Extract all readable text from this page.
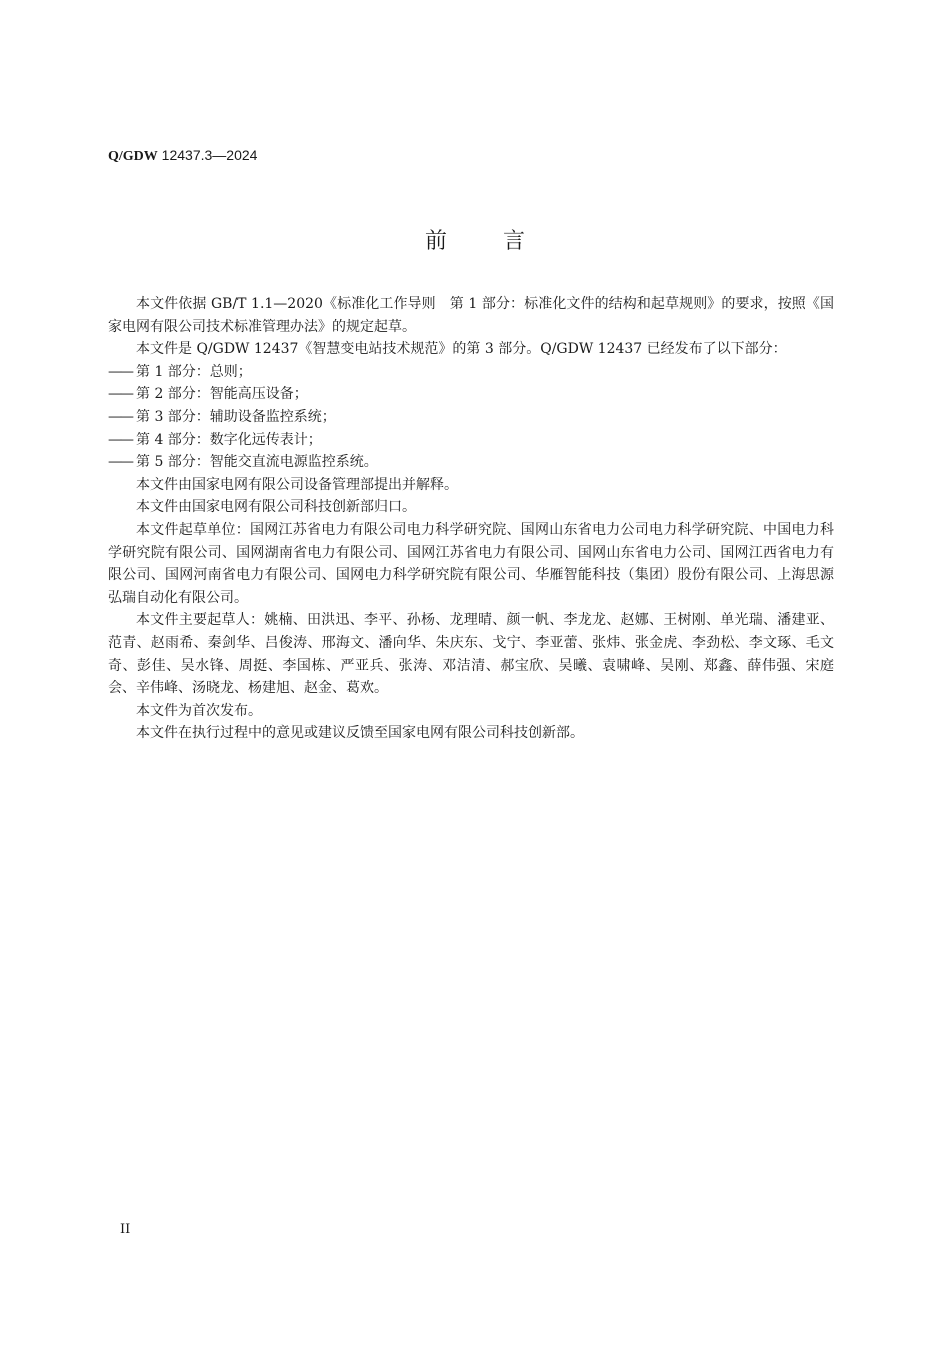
Q/GDW 12437.3—2024
前	言

本文件依据 GB/T 1.1—2020《标准化工作导则　第 1 部分：标准化文件的结构和起草规则》的要求，按照《国家电网有限公司技术标准管理办法》的规定起草。

本文件是 Q/GDW 12437《智慧变电站技术规范》的第 3 部分。Q/GDW 12437 已经发布了以下部分：

—— 第 1 部分：总则；

—— 第 2 部分：智能高压设备；

—— 第 3 部分：辅助设备监控系统；

—— 第 4 部分：数字化远传表计；

—— 第 5 部分：智能交直流电源监控系统。

本文件由国家电网有限公司设备管理部提出并解释。

本文件由国家电网有限公司科技创新部归口。

本文件起草单位：国网江苏省电力有限公司电力科学研究院、国网山东省电力公司电力科学研究院、中国电力科学研究院有限公司、国网湖南省电力有限公司、国网江苏省电力有限公司、国网山东省电力公司、国网江西省电力有限公司、国网河南省电力有限公司、国网电力科学研究院有限公司、华雁智能科技（集团）股份有限公司、上海思源弘瑞自动化有限公司。

本文件主要起草人：姚楠、田洪迅、李平、孙杨、龙理晴、颜一帆、李龙龙、赵娜、王树刚、单光瑞、潘建亚、范青、赵雨希、秦剑华、吕俊涛、邢海文、潘向华、朱庆东、戈宁、李亚蕾、张炜、张金虎、李劲松、李文琢、毛文奇、彭佳、吴水锋、周挺、李国栋、严亚兵、张涛、邓洁清、郝宝欣、吴曦、袁啸峰、吴刚、郑鑫、薛伟强、宋庭会、辛伟峰、汤晓龙、杨建旭、赵金、葛欢。

本文件为首次发布。

本文件在执行过程中的意见或建议反馈至国家电网有限公司科技创新部。

II
